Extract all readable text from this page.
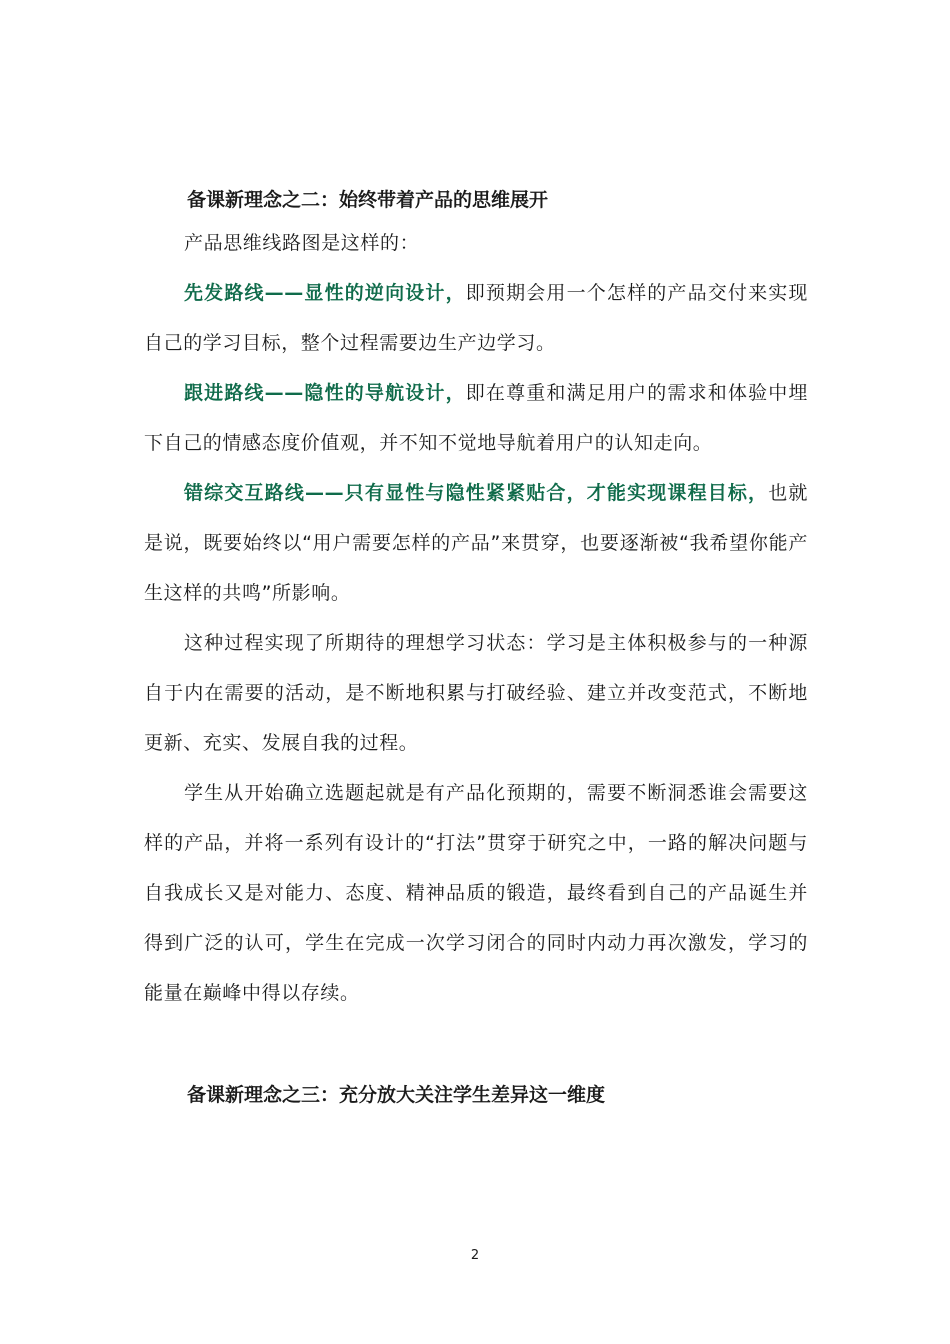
备课新理念之二：始终带着产品的思维展开

产品思维线路图是这样的：

先发路线——显性的逆向设计，即预期会用一个怎样的产品交付来实现自己的学习目标，整个过程需要边生产边学习。

跟进路线——隐性的导航设计，即在尊重和满足用户的需求和体验中埋下自己的情感态度价值观，并不知不觉地导航着用户的认知走向。

错综交互路线——只有显性与隐性紧紧贴合，才能实现课程目标，也就是说，既要始终以“用户需要怎样的产品”来贯穿，也要逐渐被“我希望你能产生这样的共鸣”所影响。

这种过程实现了所期待的理想学习状态：学习是主体积极参与的一种源自于内在需要的活动，是不断地积累与打破经验、建立并改变范式，不断地更新、充实、发展自我的过程。

学生从开始确立选题起就是有产品化预期的，需要不断洞悉谁会需要这样的产品，并将一系列有设计的“打法”贯穿于研究之中，一路的解决问题与自我成长又是对能力、态度、精神品质的锻造，最终看到自己的产品诞生并得到广泛的认可，学生在完成一次学习闭合的同时内动力再次激发，学习的能量在巅峰中得以存续。

备课新理念之三：充分放大关注学生差异这一维度
2
